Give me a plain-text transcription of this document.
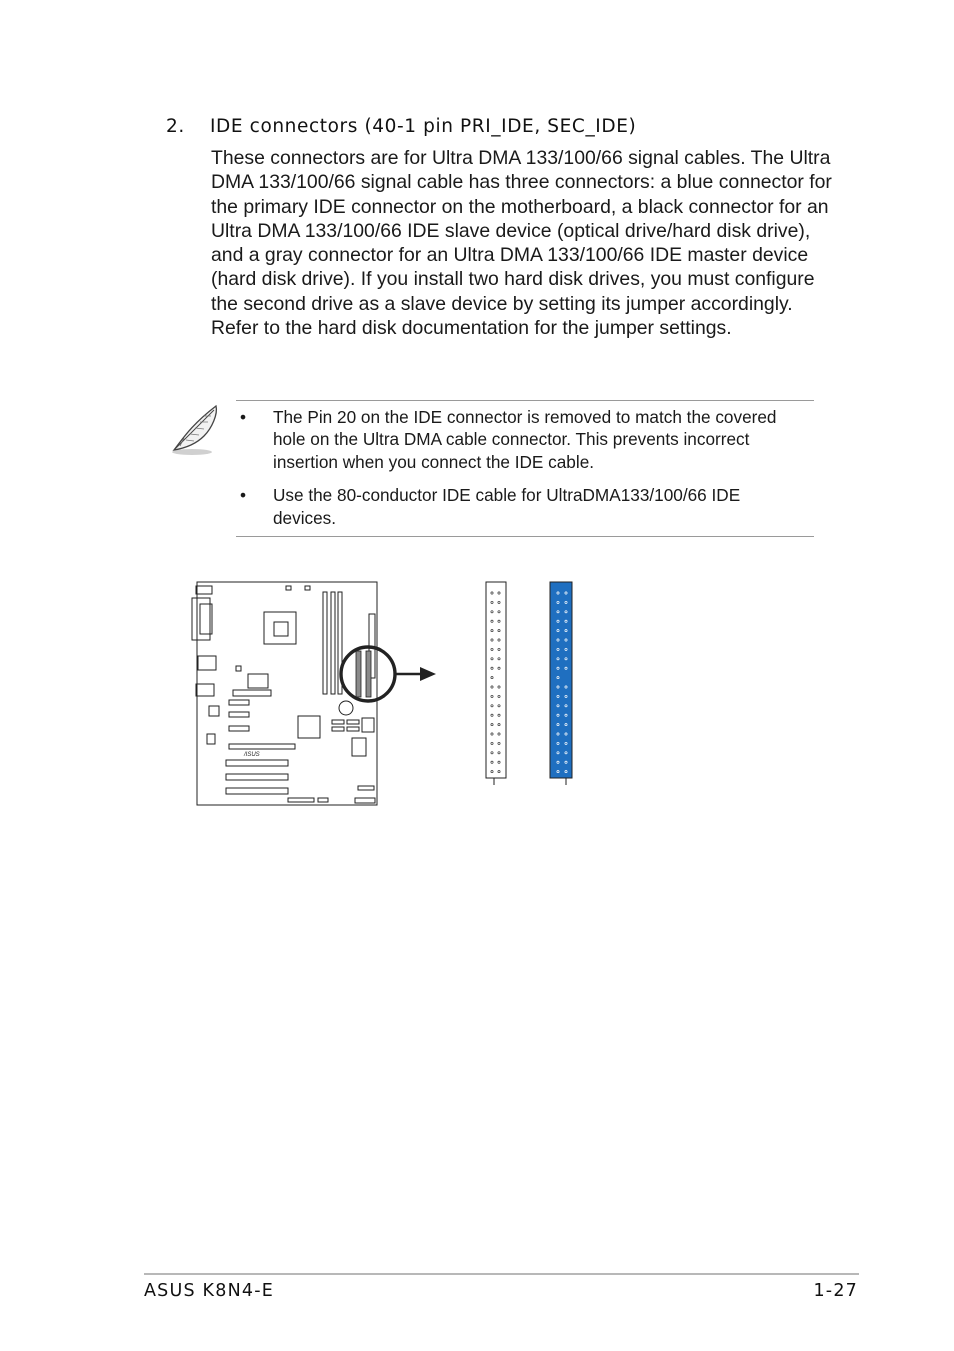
2. IDE connectors (40-1 pin PRI_IDE, SEC_IDE)
These connectors are for Ultra DMA 133/100/66 signal cables. The Ultra DMA 133/100/66 signal cable has three connectors: a blue connector for the primary IDE connector on the motherboard, a black connector for an Ultra DMA 133/100/66 IDE slave device (optical drive/hard disk drive), and a gray connector for an Ultra DMA 133/100/66 IDE master device (hard disk drive). If you install two hard disk drives, you must configure the second drive as a slave device by setting its jumper accordingly. Refer to the hard disk documentation for the jumper settings.
• The Pin 20 on the IDE connector is removed to match the covered hole on the Ultra DMA cable connector. This prevents incorrect insertion when you connect the IDE cable.
• Use the 80-conductor IDE cable for UltraDMA133/100/66 IDE devices.
/ISUS
ASUS K8N4-E	1-27
